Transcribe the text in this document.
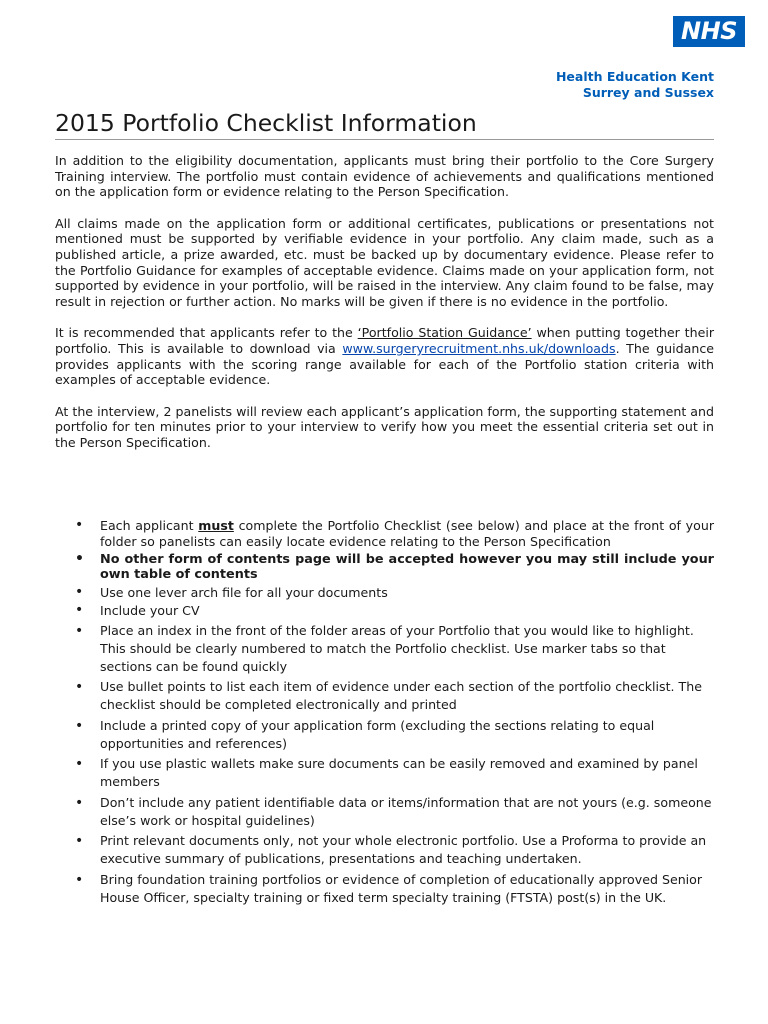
NHS
Health Education Kent
Surrey and Sussex
2015 Portfolio Checklist Information

In addition to the eligibility documentation, applicants must bring their portfolio to the Core Surgery Training interview. The portfolio must contain evidence of achievements and qualifications mentioned on the application form or evidence relating to the Person Specification.

All claims made on the application form or additional certificates, publications or presentations not mentioned must be supported by verifiable evidence in your portfolio. Any claim made, such as a published article, a prize awarded, etc. must be backed up by documentary evidence. Please refer to the Portfolio Guidance for examples of acceptable evidence. Claims made on your application form, not supported by evidence in your portfolio, will be raised in the interview. Any claim found to be false, may result in rejection or further action. No marks will be given if there is no evidence in the portfolio.

It is recommended that applicants refer to the ‘Portfolio Station Guidance’ when putting together their portfolio. This is available to download via www.surgeryrecruitment.nhs.uk/downloads. The guidance provides applicants with the scoring range available for each of the Portfolio station criteria with examples of acceptable evidence.

At the interview, 2 panelists will review each applicant’s application form, the supporting statement and portfolio for ten minutes prior to your interview to verify how you meet the essential criteria set out in the Person Specification.

• Each applicant must complete the Portfolio Checklist (see below) and place at the front of your folder so panelists can easily locate evidence relating to the Person Specification
• No other form of contents page will be accepted however you may still include your own table of contents
• Use one lever arch file for all your documents
• Include your CV
• Place an index in the front of the folder areas of your Portfolio that you would like to highlight. This should be clearly numbered to match the Portfolio checklist. Use marker tabs so that sections can be found quickly
• Use bullet points to list each item of evidence under each section of the portfolio checklist. The checklist should be completed electronically and printed
• Include a printed copy of your application form (excluding the sections relating to equal opportunities and references)
• If you use plastic wallets make sure documents can be easily removed and examined by panel members
• Don’t include any patient identifiable data or items/information that are not yours (e.g. someone else’s work or hospital guidelines)
• Print relevant documents only, not your whole electronic portfolio. Use a Proforma to provide an executive summary of publications, presentations and teaching undertaken.
• Bring foundation training portfolios or evidence of completion of educationally approved Senior House Officer, specialty training or fixed term specialty training (FTSTA) post(s) in the UK.
